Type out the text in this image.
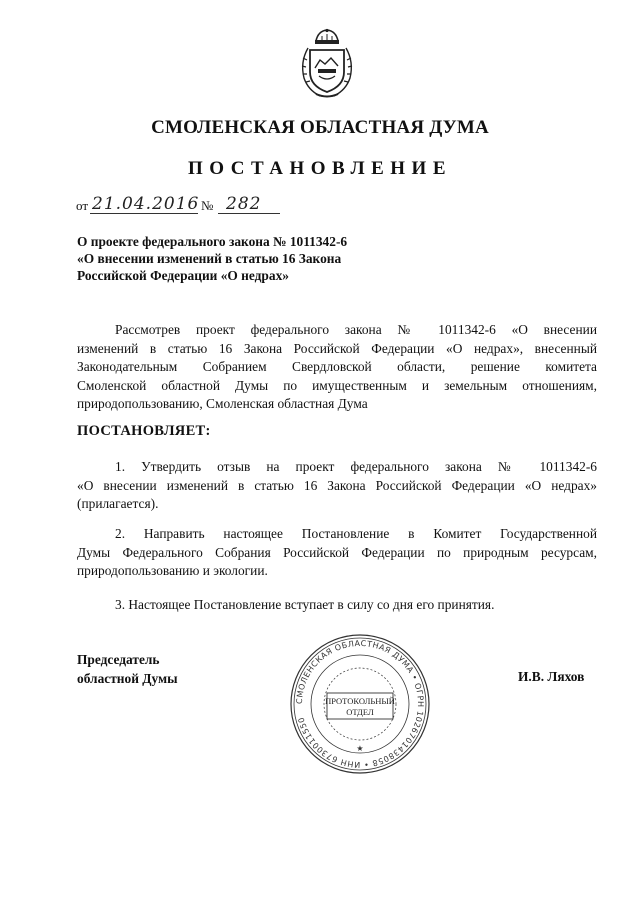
СМОЛЕНСКАЯ ОБЛАСТНАЯ ДУМА
ПОСТАНОВЛЕНИЕ
от 21.04.2016 № 282
О проекте федерального закона № 1011342-6
«О внесении изменений в статью 16 Закона
Российской Федерации «О недрах»
Рассмотрев проект федерального закона № 1011342-6 «О внесении
изменений в статью 16 Закона Российской Федерации «О недрах», внесенный
Законодательным Собранием Свердловской области, решение комитета
Смоленской областной Думы по имущественным и земельным отношениям,
природопользованию, Смоленская областная Дума
ПОСТАНОВЛЯЕТ:
1. Утвердить отзыв на проект федерального закона № 1011342-6
«О внесении изменений в статью 16 Закона Российской Федерации «О недрах»
(прилагается).
2. Направить настоящее Постановление в Комитет Государственной
Думы Федерального Собрания Российской Федерации по природным ресурсам,
природопользованию и экологии.
3. Настоящее Постановление вступает в силу со дня его принятия.
Председатель
областной Думы	И.В. Ляхов
СМОЛЕНСКАЯ ОБЛАСТНАЯ ДУМА • ОГРН 1026701438058 • ИНН 6730011550
ПРОТОКОЛЬНЫЙ
ОТДЕЛ
★
